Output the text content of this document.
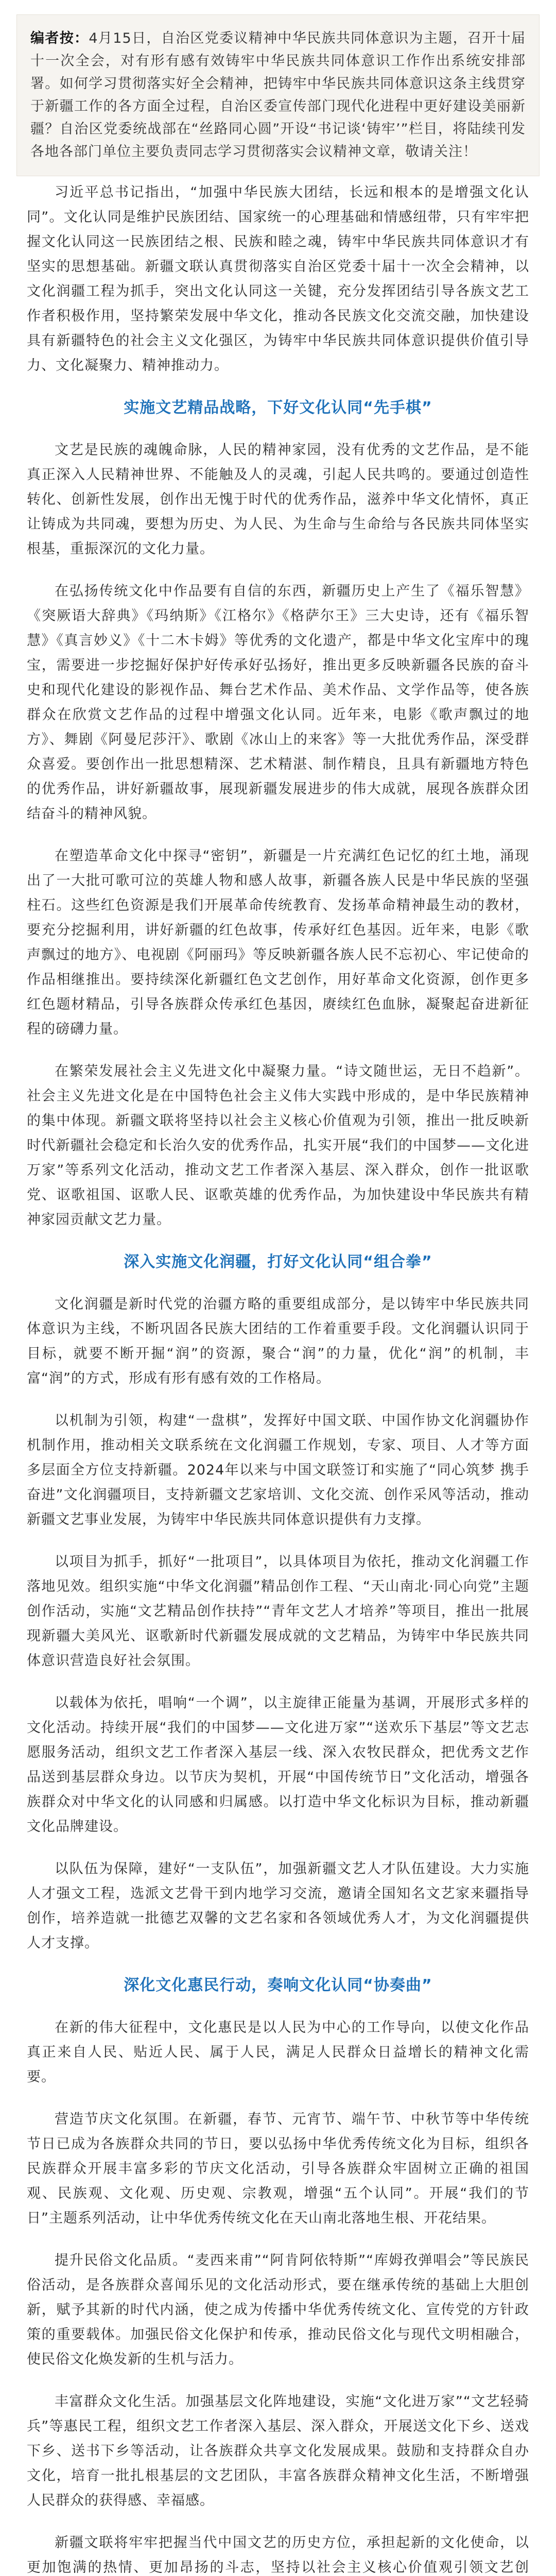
编者按：4月15日，自治区党委议精神中华民族共同体意识为主题，召开十届十一次全会，对有形有感有效铸牢中华民族共同体意识工作作出系统安排部署。如何学习贯彻落实好全会精神，把铸牢中华民族共同体意识这条主线贯穿于新疆工作的各方面全过程，自治区委宣传部门现代化进程中更好建设美丽新疆？自治区党委统战部在“丝路同心圆”开设“书记谈‘铸牢’”栏目，将陆续刊发各地各部门单位主要负责同志学习贯彻落实会议精神文章，敬请关注！

习近平总书记指出，“加强中华民族大团结，长远和根本的是增强文化认同”。文化认同是维护民族团结、国家统一的心理基础和情感纽带，只有牢牢把握文化认同这一民族团结之根、民族和睦之魂，铸牢中华民族共同体意识才有坚实的思想基础。新疆文联认真贯彻落实自治区党委十届十一次全会精神，以文化润疆工程为抓手，突出文化认同这一关键，充分发挥团结引导各族文艺工作者积极作用，坚持繁荣发展中华文化，推动各民族文化交流交融，加快建设具有新疆特色的社会主义文化强区，为铸牢中华民族共同体意识提供价值引导力、文化凝聚力、精神推动力。

实施文艺精品战略，下好文化认同“先手棋”

文艺是民族的魂魄命脉，人民的精神家园，没有优秀的文艺作品，是不能真正深入人民精神世界、不能触及人的灵魂，引起人民共鸣的。要通过创造性转化、创新性发展，创作出无愧于时代的优秀作品，滋养中华文化情怀，真正让铸成为共同魂，要想为历史、为人民、为生命与生命给与各民族共同体坚实根基，重振深沉的文化力量。

在弘扬传统文化中作品要有自信的东西，新疆历史上产生了《福乐智慧》《突厥语大辞典》《玛纳斯》《江格尔》《格萨尔王》三大史诗，还有《福乐智慧》《真言妙义》《十二木卡姆》等优秀的文化遗产，都是中华文化宝库中的瑰宝，需要进一步挖掘好保护好传承好弘扬好，推出更多反映新疆各民族的奋斗史和现代化建设的影视作品、舞台艺术作品、美术作品、文学作品等，使各族群众在欣赏文艺作品的过程中增强文化认同。近年来，电影《歌声飘过的地方》、舞剧《阿曼尼莎汗》、歌剧《冰山上的来客》等一大批优秀作品，深受群众喜爱。要创作出一批思想精深、艺术精湛、制作精良，且具有新疆地方特色的优秀作品，讲好新疆故事，展现新疆发展进步的伟大成就，展现各族群众团结奋斗的精神风貌。

在塑造革命文化中探寻“密钥”，新疆是一片充满红色记忆的红土地，涌现出了一大批可歌可泣的英雄人物和感人故事，新疆各族人民是中华民族的坚强柱石。这些红色资源是我们开展革命传统教育、发扬革命精神最生动的教材，要充分挖掘利用，讲好新疆的红色故事，传承好红色基因。近年来，电影《歌声飘过的地方》、电视剧《阿丽玛》等反映新疆各族人民不忘初心、牢记使命的作品相继推出。要持续深化新疆红色文艺创作，用好革命文化资源，创作更多红色题材精品，引导各族群众传承红色基因，赓续红色血脉，凝聚起奋进新征程的磅礴力量。

在繁荣发展社会主义先进文化中凝聚力量。“诗文随世运，无日不趋新”。社会主义先进文化是在中国特色社会主义伟大实践中形成的，是中华民族精神的集中体现。新疆文联将坚持以社会主义核心价值观为引领，推出一批反映新时代新疆社会稳定和长治久安的优秀作品，扎实开展“我们的中国梦——文化进万家”等系列文化活动，推动文艺工作者深入基层、深入群众，创作一批讴歌党、讴歌祖国、讴歌人民、讴歌英雄的优秀作品，为加快建设中华民族共有精神家园贡献文艺力量。

深入实施文化润疆，打好文化认同“组合拳”

文化润疆是新时代党的治疆方略的重要组成部分，是以铸牢中华民族共同体意识为主线，不断巩固各民族大团结的工作着重要手段。文化润疆认识同于目标，就要不断开掘“润”的资源，聚合“润”的力量，优化“润”的机制，丰富“润”的方式，形成有形有感有效的工作格局。

以机制为引领，构建“一盘棋”，发挥好中国文联、中国作协文化润疆协作机制作用，推动相关文联系统在文化润疆工作规划，专家、项目、人才等方面多层面全方位支持新疆。2024年以来与中国文联签订和实施了“同心筑梦 携手奋进”文化润疆项目，支持新疆文艺家培训、文化交流、创作采风等活动，推动新疆文艺事业发展，为铸牢中华民族共同体意识提供有力支撑。

以项目为抓手，抓好“一批项目”，以具体项目为依托，推动文化润疆工作落地见效。组织实施“中华文化润疆”精品创作工程、“天山南北·同心向党”主题创作活动，实施“文艺精品创作扶持”“青年文艺人才培养”等项目，推出一批展现新疆大美风光、讴歌新时代新疆发展成就的文艺精品，为铸牢中华民族共同体意识营造良好社会氛围。

以载体为依托，唱响“一个调”，以主旋律正能量为基调，开展形式多样的文化活动。持续开展“我们的中国梦——文化进万家”“送欢乐下基层”等文艺志愿服务活动，组织文艺工作者深入基层一线、深入农牧民群众，把优秀文艺作品送到基层群众身边。以节庆为契机，开展“中国传统节日”文化活动，增强各族群众对中华文化的认同感和归属感。以打造中华文化标识为目标，推动新疆文化品牌建设。

以队伍为保障，建好“一支队伍”，加强新疆文艺人才队伍建设。大力实施人才强文工程，选派文艺骨干到内地学习交流，邀请全国知名文艺家来疆指导创作，培养造就一批德艺双馨的文艺名家和各领域优秀人才，为文化润疆提供人才支撑。

深化文化惠民行动，奏响文化认同“协奏曲”

在新的伟大征程中，文化惠民是以人民为中心的工作导向，以使文化作品真正来自人民、贴近人民、属于人民，满足人民群众日益增长的精神文化需要。

营造节庆文化氛围。在新疆，春节、元宵节、端午节、中秋节等中华传统节日已成为各族群众共同的节日，要以弘扬中华优秀传统文化为目标，组织各民族群众开展丰富多彩的节庆文化活动，引导各族群众牢固树立正确的祖国观、民族观、文化观、历史观、宗教观，增强“五个认同”。开展“我们的节日”主题系列活动，让中华优秀传统文化在天山南北落地生根、开花结果。

提升民俗文化品质。“麦西来甫”“阿肯阿依特斯”“库姆孜弹唱会”等民族民俗活动，是各族群众喜闻乐见的文化活动形式，要在继承传统的基础上大胆创新，赋予其新的时代内涵，使之成为传播中华优秀传统文化、宣传党的方针政策的重要载体。加强民俗文化保护和传承，推动民俗文化与现代文明相融合，使民俗文化焕发新的生机与活力。

丰富群众文化生活。加强基层文化阵地建设，实施“文化进万家”“文艺轻骑兵”等惠民工程，组织文艺工作者深入基层、深入群众，开展送文化下乡、送戏下乡、送书下乡等活动，让各族群众共享文化发展成果。鼓励和支持群众自办文化，培育一批扎根基层的文艺团队，丰富各族群众精神文化生活，不断增强人民群众的获得感、幸福感。

新疆文联将牢牢把握当代中国文艺的历史方位，承担起新的文化使命，以更加饱满的热情、更加昂扬的斗志，坚持以社会主义核心价值观引领文艺创
